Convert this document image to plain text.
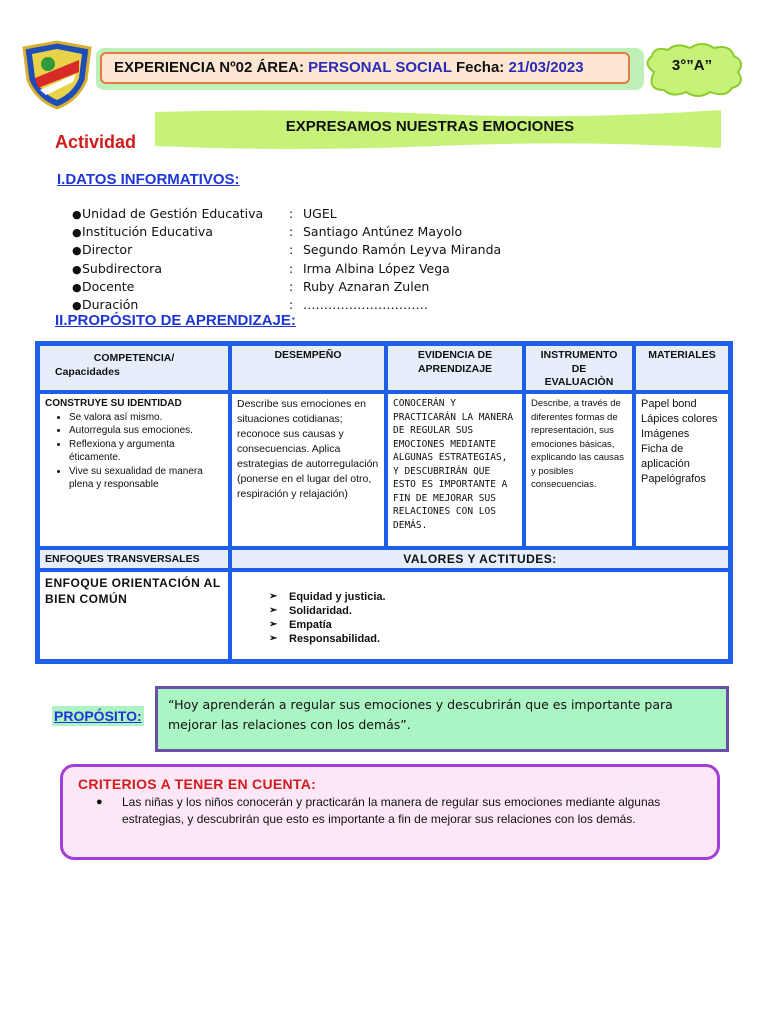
EXPERIENCIA Nº02 ÁREA: PERSONAL SOCIAL Fecha: 21/03/2023	3°”A”
EXPRESAMOS NUESTRAS EMOCIONES
Actividad
I.DATOS INFORMATIVOS:
●Unidad de Gestión Educativa : UGEL
●Institución Educativa	: Santiago Antúnez Mayolo
●Director	: Segundo Ramón Leyva Miranda
●Subdirectora	: Irma Albina López Vega
●Docente	: Ruby Aznaran Zulen
●Duración	: …………………………
II.PROPÓSITO DE APRENDIZAJE:
COMPETENCIA/
Capacidades
DESEMPEÑO	EVIDENCIA DE APRENDIZAJE
INSTRUMENTO DE EVALUACIÒN
MATERIALES
CONSTRUYE SU IDENTIDAD
• Se valora así mismo.
• Autorregula sus emociones.
• Reflexiona y argumenta éticamente.
• Vive su sexualidad de manera plena y responsable
Describe sus emociones en situaciones cotidianas; reconoce sus causas y consecuencias. Aplica estrategias de autorregulación (ponerse en el lugar del otro, respiración y relajación)
CONOCERÁN Y PRACTICARÁN LA MANERA DE REGULAR SUS EMOCIONES MEDIANTE ALGUNAS ESTRATEGIAS, Y DESCUBRIRÁN QUE ESTO ES IMPORTANTE A FIN DE MEJORAR SUS RELACIONES CON LOS DEMÁS.
Describe, a través de diferentes formas de representación, sus emociones básicas, explicando las causas y posibles consecuencias.
Papel bond
Lápices colores
Imágenes
Ficha de aplicación
Papelógrafos
ENFOQUES TRANSVERSALES	VALORES Y ACTITUDES:
ENFOQUE ORIENTACIÓN AL BIEN COMÚN
➢	Equidad y justicia.
➢ Solidaridad.
➢ Empatía
➢ Responsabilidad.
PROPÓSITO:
“Hoy aprenderán a regular sus emociones y descubrirán que es importante para mejorar las relaciones con los demás”.
CRITERIOS A TENER EN CUENTA:
●	Las niñas y los niños conocerán y practicarán la manera de regular sus emociones mediante algunas estrategias, y descubrirán que esto es importante a fin de mejorar sus relaciones con los demás.
